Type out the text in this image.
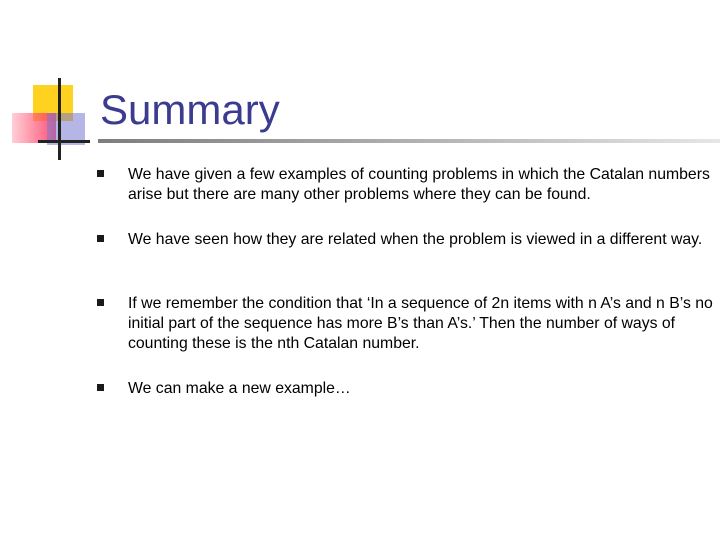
Summary
We have given a few examples of counting problems in which the Catalan numbers arise but there are many other problems where they can be found.
We have seen how they are related when the problem is viewed in a different way.
If we remember the condition that ‘In a sequence of 2n items with n A’s and n B’s no initial part of the sequence has more B’s than A’s.’ Then the number of ways of counting these is the nth Catalan number.
We can make a new example…
